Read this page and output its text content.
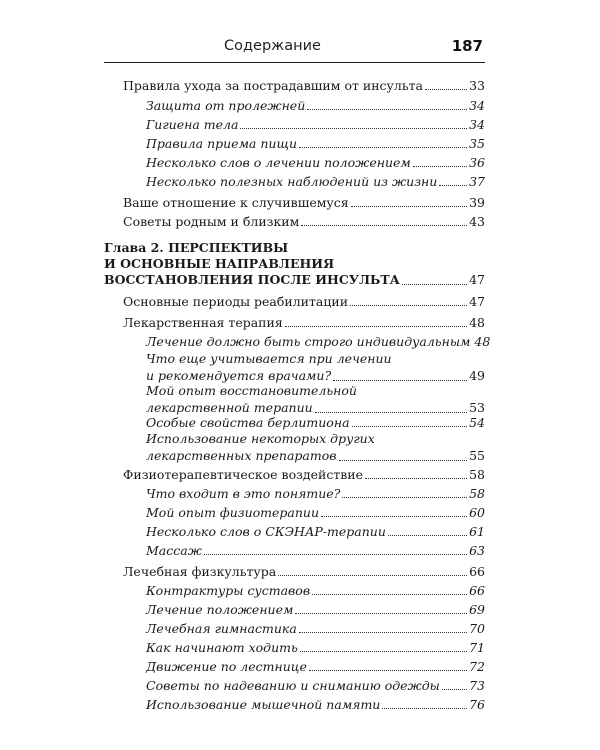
Содержание	187
Правила ухода за пострадавшим от инсульта	33
Защита от пролежней	34
Гигиена тела	34
Правила приема пищи	35
Несколько слов о лечении положением	36
Несколько полезных наблюдений из жизни	37
Ваше отношение к случившемуся	39
Советы родным и близким	43
Глава 2. ПЕРСПЕКТИВЫ
И ОСНОВНЫЕ НАПРАВЛЕНИЯ
ВОССТАНОВЛЕНИЯ ПОСЛЕ ИНСУЛЬТА	47
Основные периоды реабилитации	47
Лекарственная терапия	48
Лечение должно быть строго индивидуальным 48
Что еще учитывается при лечении
и рекомендуется врачами?	49
Мой опыт восстановительной
лекарственной терапии	53
Особые свойства берлитиона	54
Использование некоторых других
лекарственных препаратов	55
Физиотерапевтическое воздействие	58
Что входит в это понятие?	58
Мой опыт физиотерапии	60
Несколько слов о СКЭНАР-терапии	61
Массаж	63
Лечебная физкультура	66
Контрактуры суставов	66
Лечение положением	69
Лечебная гимнастика	70
Как начинают ходить	71
Движение по лестнице	72
Советы по надеванию и сниманию одежды 73
Использование мышечной памяти	76
